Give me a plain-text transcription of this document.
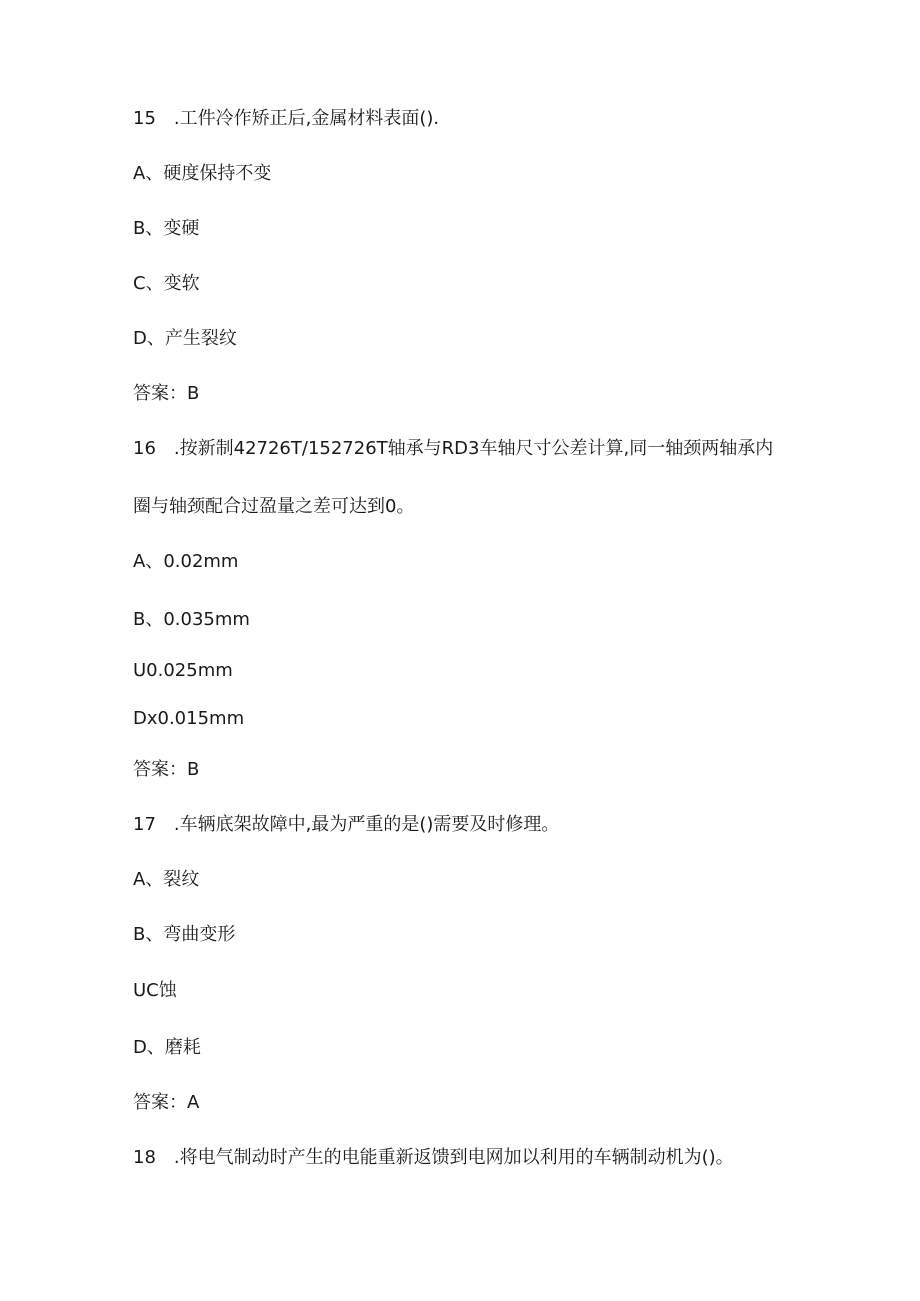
15　.工件冷作矫正后,金属材料表面().
A、硬度保持不变
B、变硬
C、变软
D、产生裂纹
答案：B
16　.按新制42726T/152726T轴承与RD3车轴尺寸公差计算,同一轴颈两轴承内
圈与轴颈配合过盈量之差可达到0。
A、0.02mm
B、0.035mm
U0.025mm
Dx0.015mm
答案：B
17　.车辆底架故障中,最为严重的是()需要及时修理。
A、裂纹
B、弯曲变形
UC蚀
D、磨耗
答案：A
18　.将电气制动时产生的电能重新返馈到电网加以利用的车辆制动机为()。
